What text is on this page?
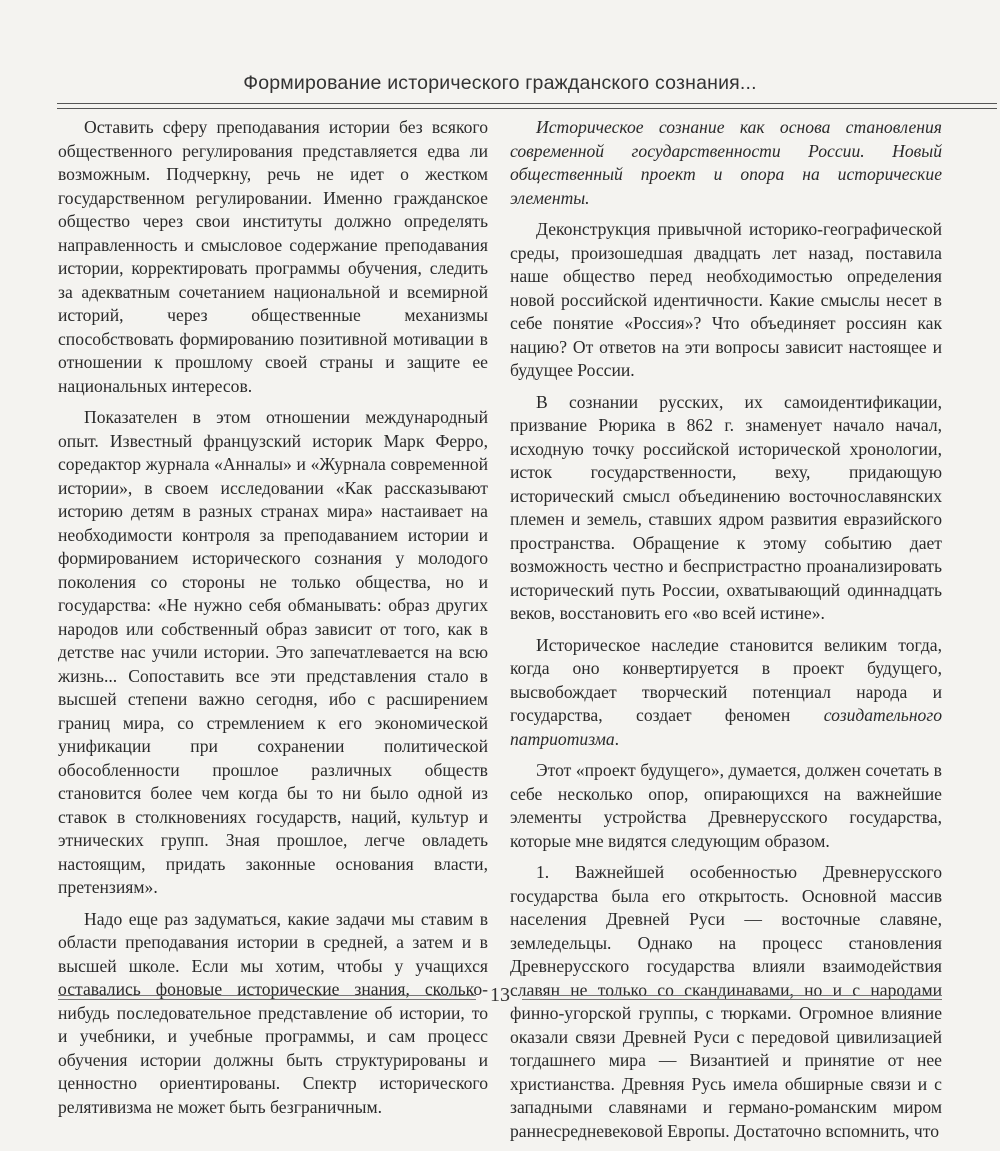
Формирование исторического гражданского сознания...

Оставить сферу преподавания истории без всякого общественного регулирования представляется едва ли возможным. Подчеркну, речь не идет о жестком государственном регулировании. Именно гражданское общество через свои институты должно определять направленность и смысловое содержание преподавания истории, корректировать программы обучения, следить за адекватным сочетанием национальной и всемирной историй, через общественные механизмы способствовать формированию позитивной мотивации в отношении к прошлому своей страны и защите ее национальных интересов.

Показателен в этом отношении международный опыт. Известный французский историк Марк Ферро, соредактор журнала «Анналы» и «Журнала современной истории», в своем исследовании «Как рассказывают историю детям в разных странах мира» настаивает на необходимости контроля за преподаванием истории и формированием исторического сознания у молодого поколения со стороны не только общества, но и государства: «Не нужно себя обманывать: образ других народов или собственный образ зависит от того, как в детстве нас учили истории. Это запечатлевается на всю жизнь... Сопоставить все эти представления стало в высшей степени важно сегодня, ибо с расширением границ мира, со стремлением к его экономической унификации при сохранении политической обособленности прошлое различных обществ становится более чем когда бы то ни было одной из ставок в столкновениях государств, наций, культур и этнических групп. Зная прошлое, легче овладеть настоящим, придать законные основания власти, претензиям».

Надо еще раз задуматься, какие задачи мы ставим в области преподавания истории в средней, а затем и в высшей школе. Если мы хотим, чтобы у учащихся оставались фоновые исторические знания, сколько-нибудь последовательное представление об истории, то и учебники, и учебные программы, и сам процесс обучения истории должны быть структурированы и ценностно ориентированы. Спектр исторического релятивизма не может быть безграничным.

Историческое сознание как основа становления современной государственности России. Новый общественный проект и опора на исторические элементы.

Деконструкция привычной историко-географической среды, произошедшая двадцать лет назад, поставила наше общество перед необходимостью определения новой российской идентичности. Какие смыслы несет в себе понятие «Россия»? Что объединяет россиян как нацию? От ответов на эти вопросы зависит настоящее и будущее России.

В сознании русских, их самоидентификации, призвание Рюрика в 862 г. знаменует начало начал, исходную точку российской исторической хронологии, исток государственности, веху, придающую исторический смысл объединению восточнославянских племен и земель, ставших ядром развития евразийского пространства. Обращение к этому событию дает возможность честно и беспристрастно проанализировать исторический путь России, охватывающий одиннадцать веков, восстановить его «во всей истине».

Историческое наследие становится великим тогда, когда оно конвертируется в проект будущего, высвобождает творческий потенциал народа и государства, создает феномен созидательного патриотизма.

Этот «проект будущего», думается, должен сочетать в себе несколько опор, опирающихся на важнейшие элементы устройства Древнерусского государства, которые мне видятся следующим образом.

1. Важнейшей особенностью Древнерусского государства была его открытость. Основной массив населения Древней Руси — восточные славяне, земледельцы. Однако на процесс становления Древнерусского государства влияли взаимодействия славян не только со скандинавами, но и с народами финно-угорской группы, с тюрками. Огромное влияние оказали связи Древней Руси с передовой цивилизацией тогдашнего мира — Византией и принятие от нее христианства. Древняя Русь имела обширные связи и с западными славянами и германо-романским миром раннесредневековой Европы. Достаточно вспомнить, что

13
